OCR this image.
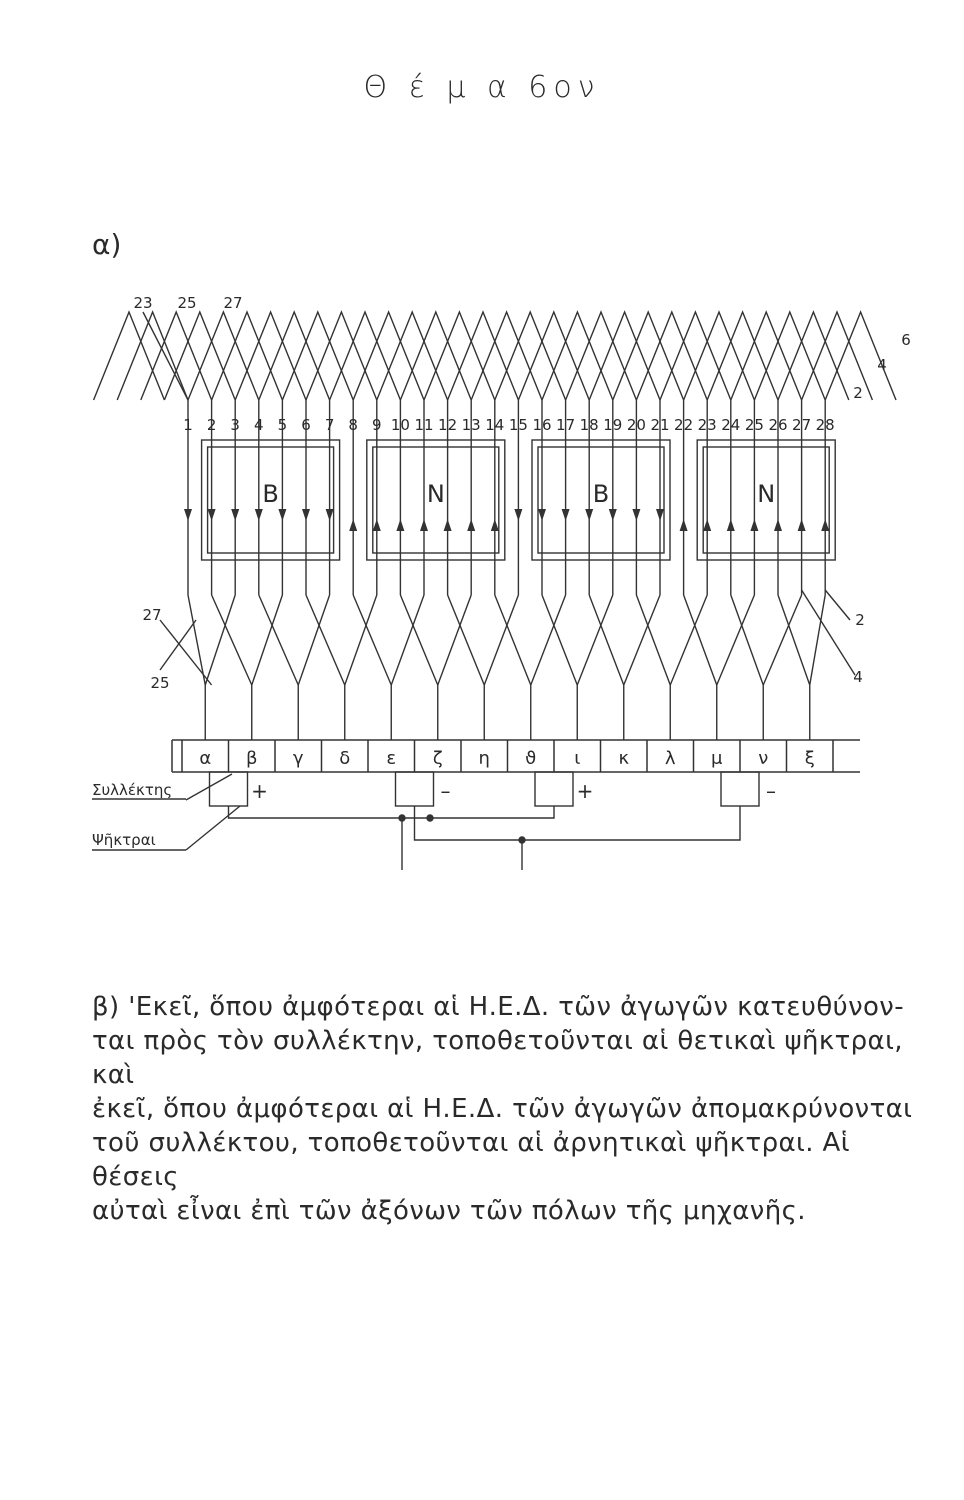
Θ έ μ α 6ον
α)
B	N	B	N
1 2 3 4 5 6 7 8 9 10 11 12 13 14 15 16 17 18 19 20 21 22 23 24 25 26 27 28
α β γ δ ε ζ η ϑ ι κ λ μ ν ξ
+	–	+	–
23 25 27
6
4
2
27
25
2
4
Συλλέκτης
Ψῆκτραι

β) 'Εκεῖ, ὅπου ἀμφότεραι αἱ Η.Ε.Δ. τῶν ἀγωγῶν κατευθύνον-

ται πρὸς τὸν συλλέκτην, τοποθετοῦνται αἱ θετικαὶ ψῆκτραι, καὶ

ἐκεῖ, ὅπου ἀμφότεραι αἱ Η.Ε.Δ. τῶν ἀγωγῶν ἀπομακρύνονται

τοῦ συλλέκτου, τοποθετοῦνται αἱ ἀρνητικαὶ ψῆκτραι. Αἱ θέσεις

αὐταὶ εἶναι ἐπὶ τῶν ἀξόνων τῶν πόλων τῆς μηχανῆς.
